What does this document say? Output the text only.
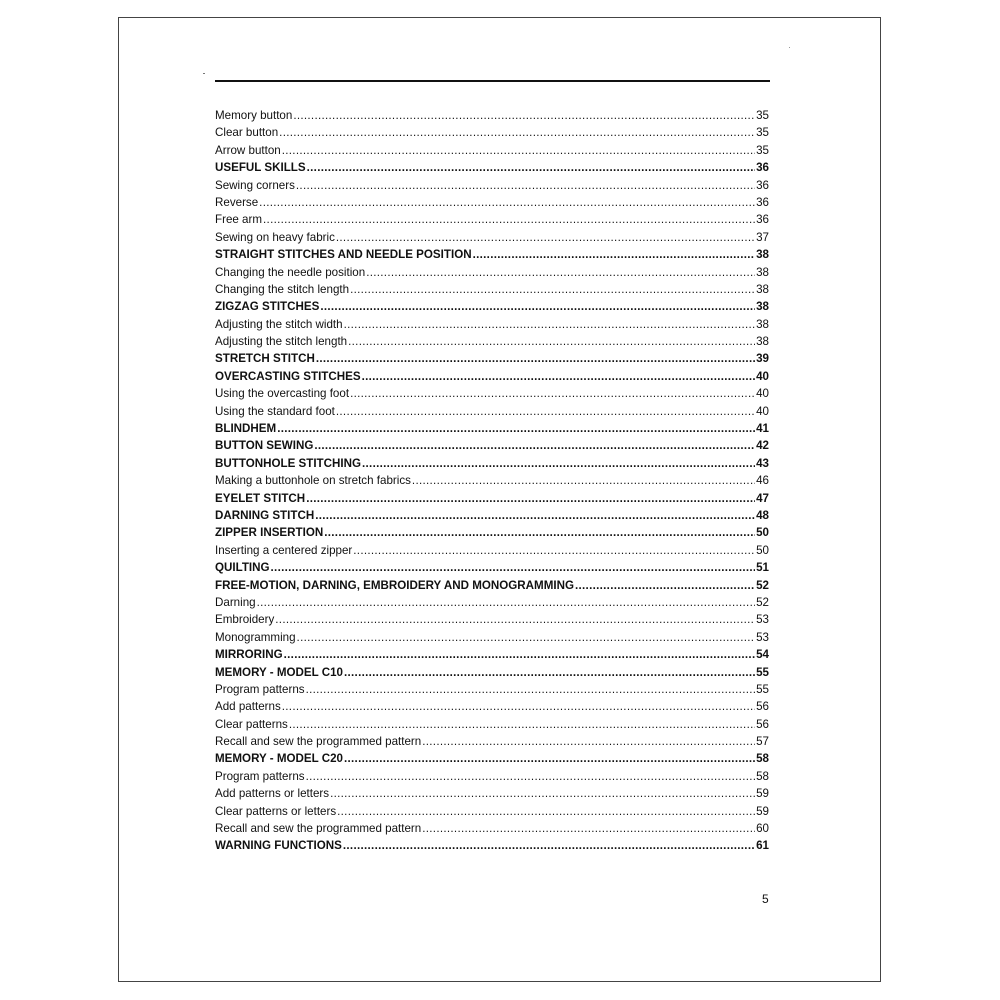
Memory button .....	35
Clear button .....	35
Arrow button .....	35
USEFUL SKILLS .....	36
Sewing corners .....	36
Reverse .....	36
Free arm .....	36
Sewing on heavy fabric .....	37
STRAIGHT STITCHES AND NEEDLE POSITION .....	38
Changing the needle position .....	38
Changing the stitch length .....	38
ZIGZAG STITCHES .....	38
Adjusting the stitch width .....	38
Adjusting the stitch length .....	38
STRETCH STITCH .....	39
OVERCASTING STITCHES .....	40
Using the overcasting foot .....	40
Using the standard foot .....	40
BLINDHEM .....	41
BUTTON SEWING .....	42
BUTTONHOLE STITCHING .....	43
Making a buttonhole on stretch fabrics .....	46
EYELET STITCH .....	47
DARNING STITCH .....	48
ZIPPER INSERTION .....	50
Inserting a centered zipper .....	50
QUILTING .....	51
FREE-MOTION, DARNING, EMBROIDERY AND MONOGRAMMING .....	52
Darning .....	52
Embroidery .....	53
Monogramming .....	53
MIRRORING .....	54
MEMORY - MODEL C10 .....	55
Program patterns .....	55
Add patterns .....	56
Clear patterns .....	56
Recall and sew the programmed pattern .....	57
MEMORY - MODEL C20 .....	58
Program patterns .....	58
Add patterns or letters .....	59
Clear patterns or letters .....	59
Recall and sew the programmed pattern .....	60
WARNING FUNCTIONS .....	61
5
